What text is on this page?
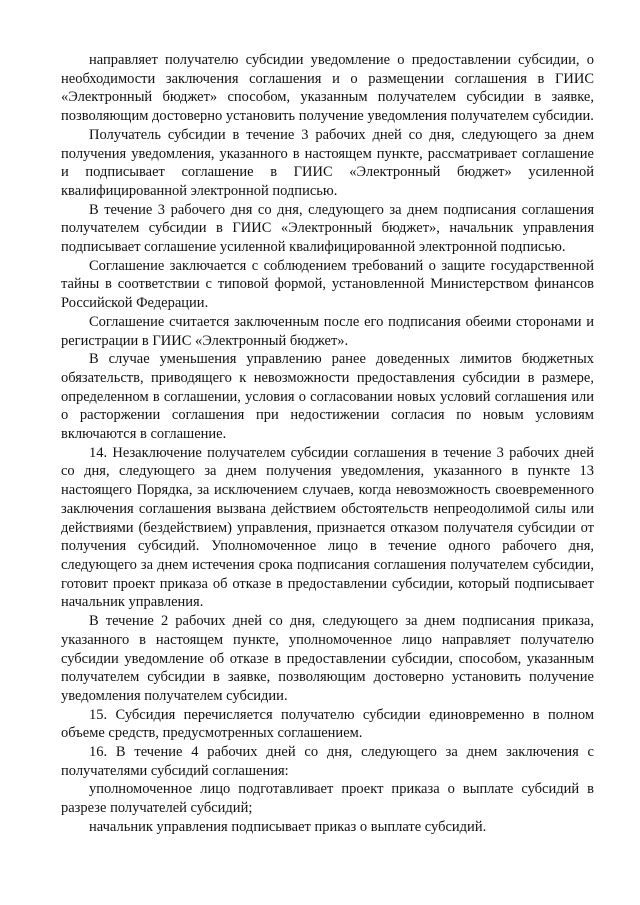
направляет получателю субсидии уведомление о предоставлении субсидии, о необходимости заключения соглашения и о размещении соглашения в ГИИС «Электронный бюджет» способом, указанным получателем субсидии в заявке, позволяющим достоверно установить получение уведомления получателем субсидии.

Получатель субсидии в течение 3 рабочих дней со дня, следующего за днем получения уведомления, указанного в настоящем пункте, рассматривает соглашение и подписывает соглашение в ГИИС «Электронный бюджет» усиленной квалифицированной электронной подписью.

В течение 3 рабочего дня со дня, следующего за днем подписания соглашения получателем субсидии в ГИИС «Электронный бюджет», начальник управления подписывает соглашение усиленной квалифицированной электронной подписью.

Соглашение заключается с соблюдением требований о защите государственной тайны в соответствии с типовой формой, установленной Министерством финансов Российской Федерации.

Соглашение считается заключенным после его подписания обеими сторонами и регистрации в ГИИС «Электронный бюджет».

В случае уменьшения управлению ранее доведенных лимитов бюджетных обязательств, приводящего к невозможности предоставления субсидии в размере, определенном в соглашении, условия о согласовании новых условий соглашения или о расторжении соглашения при недостижении согласия по новым условиям включаются в соглашение.

14. Незаключение получателем субсидии соглашения в течение 3 рабочих дней со дня, следующего за днем получения уведомления, указанного в пункте 13 настоящего Порядка, за исключением случаев, когда невозможность своевременного заключения соглашения вызвана действием обстоятельств непреодолимой силы или действиями (бездействием) управления, признается отказом получателя субсидии от получения субсидий. Уполномоченное лицо в течение одного рабочего дня, следующего за днем истечения срока подписания соглашения получателем субсидии, готовит проект приказа об отказе в предоставлении субсидии, который подписывает начальник управления.

В течение 2 рабочих дней со дня, следующего за днем подписания приказа, указанного в настоящем пункте, уполномоченное лицо направляет получателю субсидии уведомление об отказе в предоставлении субсидии, способом, указанным получателем субсидии в заявке, позволяющим достоверно установить получение уведомления получателем субсидии.

15. Субсидия перечисляется получателю субсидии единовременно в полном объеме средств, предусмотренных соглашением.

16. В течение 4 рабочих дней со дня, следующего за днем заключения с получателями субсидий соглашения:

уполномоченное лицо подготавливает проект приказа о выплате субсидий в разрезе получателей субсидий;

начальник управления подписывает приказ о выплате субсидий.
